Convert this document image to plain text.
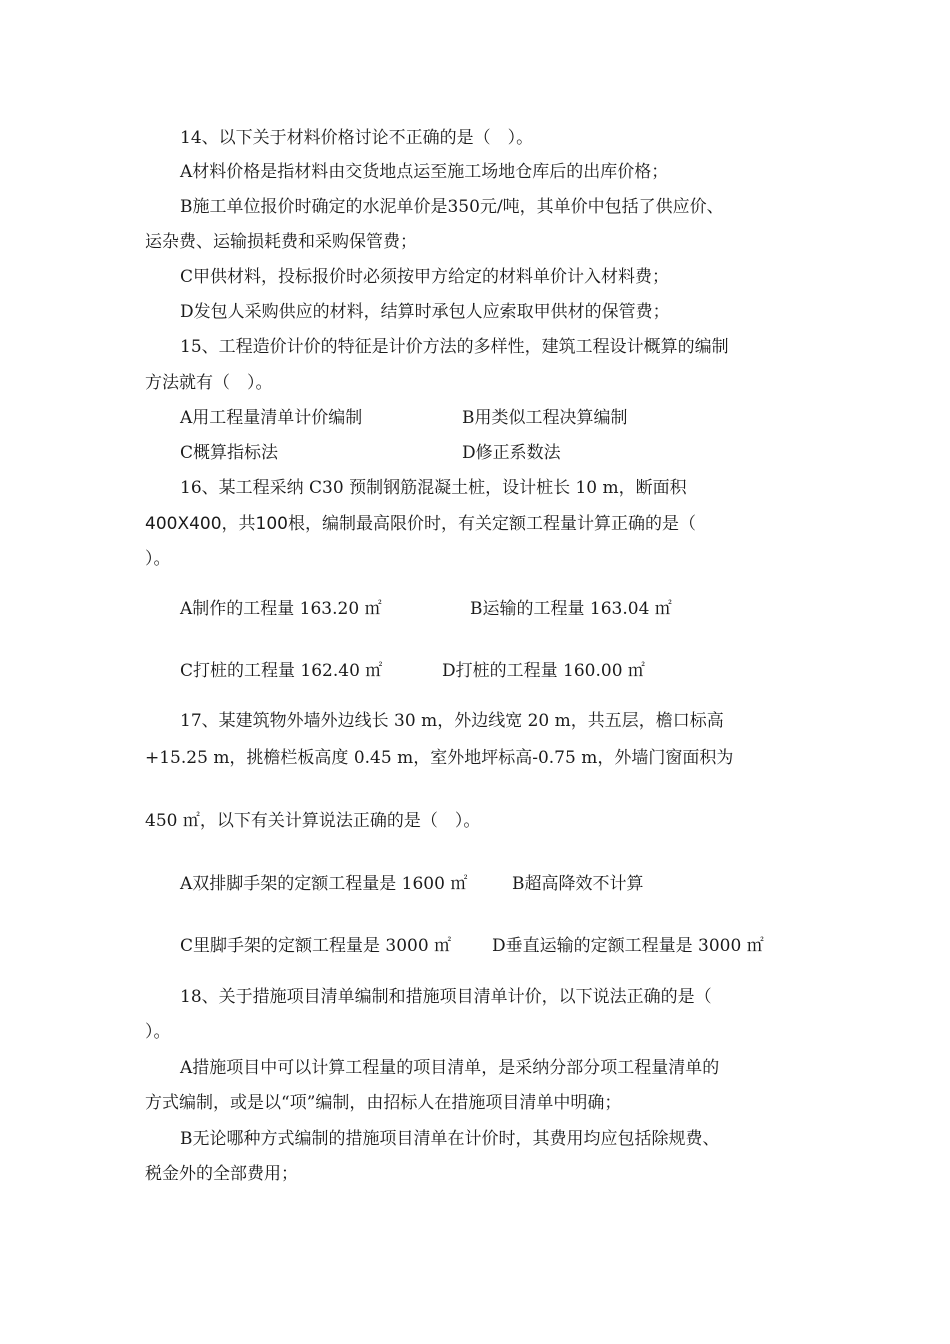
14、以下关于材料价格讨论不正确的是（　）。
A材料价格是指材料由交货地点运至施工场地仓库后的出库价格；
B施工单位报价时确定的水泥单价是350元/吨，其单价中包括了供应价、
运杂费、运输损耗费和采购保管费；
C甲供材料，投标报价时必须按甲方给定的材料单价计入材料费；
D发包人采购供应的材料，结算时承包人应索取甲供材的保管费；
15、工程造价计价的特征是计价方法的多样性，建筑工程设计概算的编制
方法就有（　）。
A用工程量清单计价编制	B用类似工程决算编制
C概算指标法	D修正系数法
16、某工程采纳 C30 预制钢筋混凝土桩，设计桩长 10 m，断面积
400X400，共100根，编制最高限价时，有关定额工程量计算正确的是（
）。
A制作的工程量 163.20 ㎡	B运输的工程量 163.04 ㎡
C打桩的工程量 162.40 ㎡	D打桩的工程量 160.00 ㎡
17、某建筑物外墙外边线长 30 m，外边线宽 20 m，共五层，檐口标高
+15.25 m，挑檐栏板高度 0.45 m，室外地坪标高-0.75 m，外墙门窗面积为
450 ㎡，以下有关计算说法正确的是（　）。
A双排脚手架的定额工程量是 1600 ㎡	B超高降效不计算
C里脚手架的定额工程量是 3000 ㎡ D垂直运输的定额工程量是 3000 ㎡
18、关于措施项目清单编制和措施项目清单计价，以下说法正确的是（
）。
A措施项目中可以计算工程量的项目清单，是采纳分部分项工程量清单的
方式编制，或是以“项”编制，由招标人在措施项目清单中明确；
B无论哪种方式编制的措施项目清单在计价时，其费用均应包括除规费、
税金外的全部费用；
